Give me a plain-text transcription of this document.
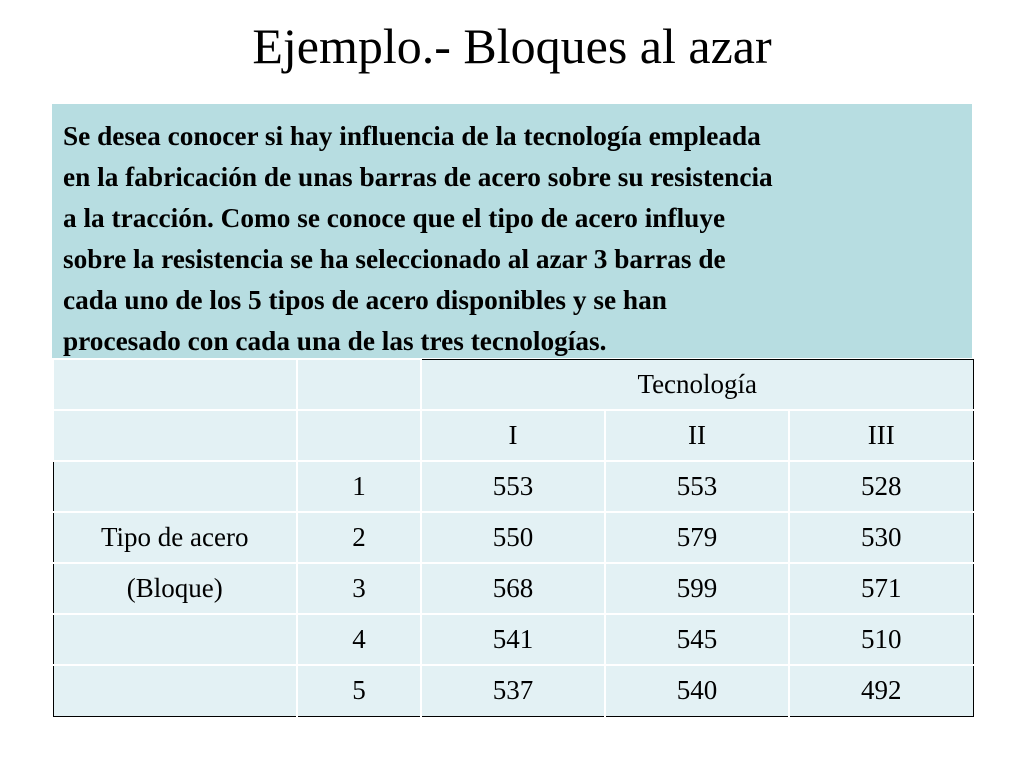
Ejemplo.- Bloques al azar

Se desea conocer si hay influencia de la tecnología empleada

en la fabricación de unas barras de acero sobre su resistencia

a la tracción. Como se conoce que el tipo de acero influye

sobre la resistencia se ha seleccionado al azar 3 barras de

cada uno de los 5 tipos de acero disponibles y se han

procesado con cada una de las tres tecnologías.

		Tecnología		
		I	II	III
	1	553	553	528
Tipo de acero	2	550	579	530
(Bloque)	3	568	599	571
	4	541	545	510
	5	537	540	492
